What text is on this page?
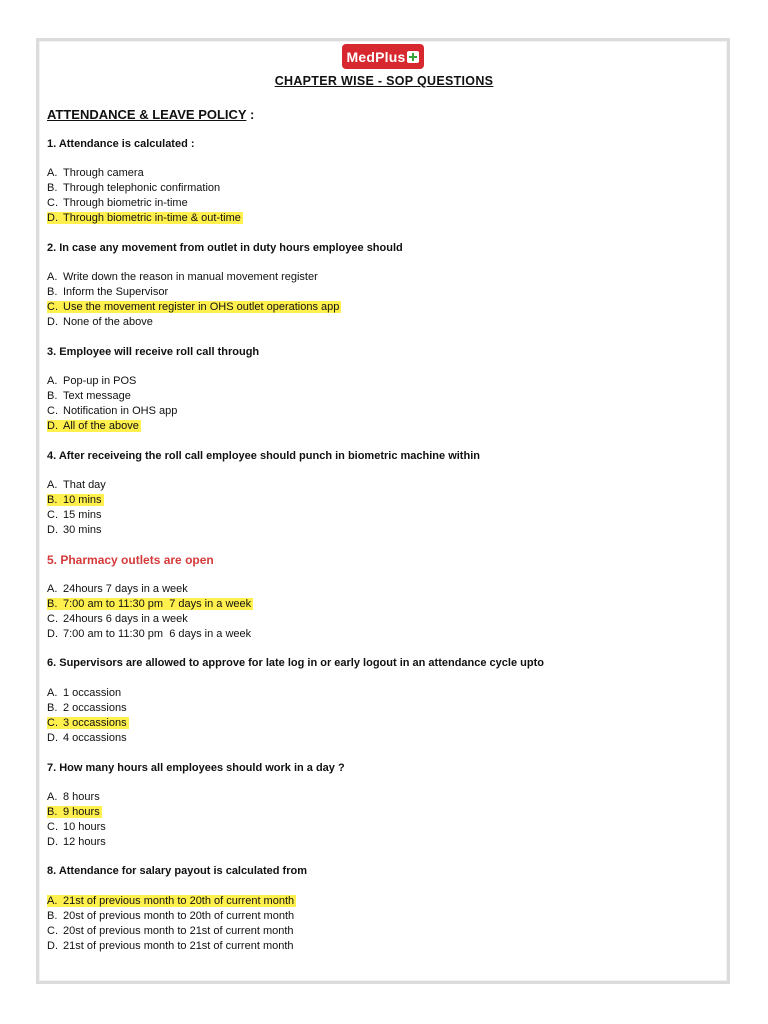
MedPlus
CHAPTER WISE - SOP QUESTIONS
ATTENDANCE & LEAVE POLICY :
1. Attendance is calculated :
A. Through camera
B. Through telephonic confirmation
C. Through biometric in-time
D. Through biometric in-time & out-time
2. In case any movement from outlet in duty hours employee should
A. Write down the reason in manual movement register
B. Inform the Supervisor
C. Use the movement register in OHS outlet operations app
D. None of the above
3. Employee will receive roll call through
A. Pop-up in POS
B. Text message
C. Notification in OHS app
D. All of the above
4. After receiveing the roll call employee should punch in biometric machine within
A. That day
B. 10 mins
C. 15 mins
D. 30 mins
5. Pharmacy outlets are open
A. 24hours 7 days in a week
B. 7:00 am to 11:30 pm  7 days in a week
C. 24hours 6 days in a week
D. 7:00 am to 11:30 pm  6 days in a week
6. Supervisors are allowed to approve for late log in or early logout in an attendance cycle upto
A. 1 occassion
B. 2 occassions
C. 3 occassions
D. 4 occassions
7. How many hours all employees should work in a day ?
A. 8 hours
B. 9 hours
C. 10 hours
D. 12 hours
8. Attendance for salary payout is calculated from
A. 21st of previous month to 20th of current month
B. 20st of previous month to 20th of current month
C. 20st of previous month to 21st of current month
D. 21st of previous month to 21st of current month
